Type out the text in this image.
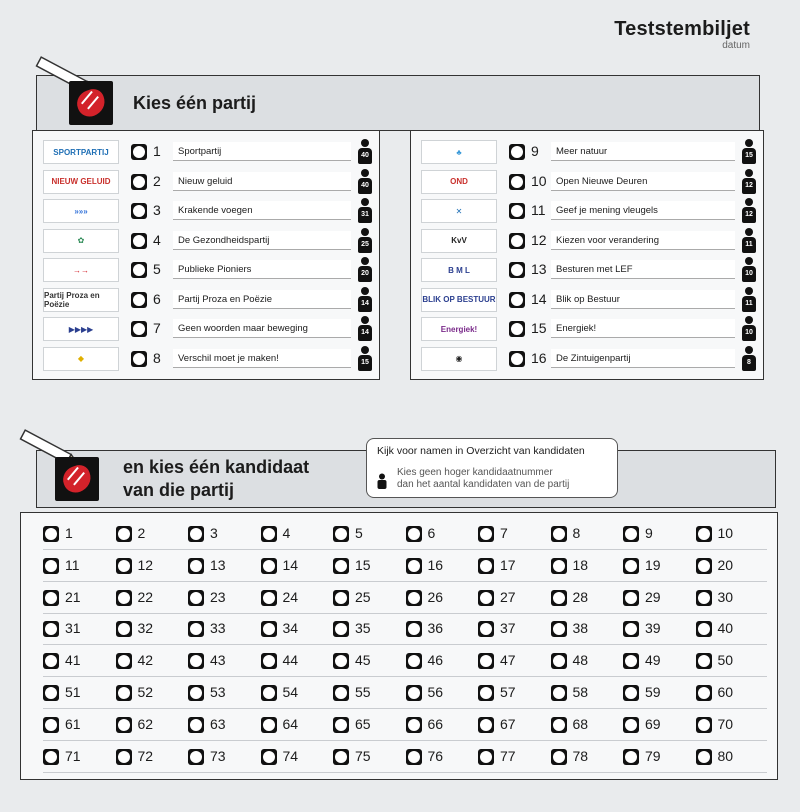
Teststembiljet
datum
Kies één partij
SPORTPARTIJ	1	Sportpartij	40
NIEUW GELUID	2	Nieuw geluid	40
»»»	3	Krakende voegen	31
✿	4	De Gezondheidspartij	25
→→	5	Publieke Pioniers	20
Partij Proza en Poëzie	6	Partij Proza en Poëzie	14
▶▶▶▶	7	Geen woorden maar beweging	14
◆	8	Verschil moet je maken!	15
♣	9	Meer natuur	15
OND	10 Open Nieuwe Deuren	12
✕	11	Geef je mening vleugels	12
KvV	12 Kiezen voor verandering	11
B M L	13 Besturen met LEF	10
BLIK OP BESTUUR	14 Blik op Bestuur	11
Energiek!	15 Energiek!	10
◉	16 De Zintuigenpartij	8
en kies één kandidaat
van die partij
Kijk voor namen in Overzicht van kandidaten
Kies geen hoger kandidaatnummer
dan het aantal kandidaten van de partij
1	2	3	4	5	6	7	8	9	10
11	12	13	14	15	16	17	18	19	20
21	22	23	24	25	26	27	28	29	30
31	32	33	34	35	36	37	38	39	40
41	42	43	44	45	46	47	48	49	50
51	52	53	54	55	56	57	58	59	60
61	62	63	64	65	66	67	68	69	70
71	72	73	74	75	76	77	78	79	80
